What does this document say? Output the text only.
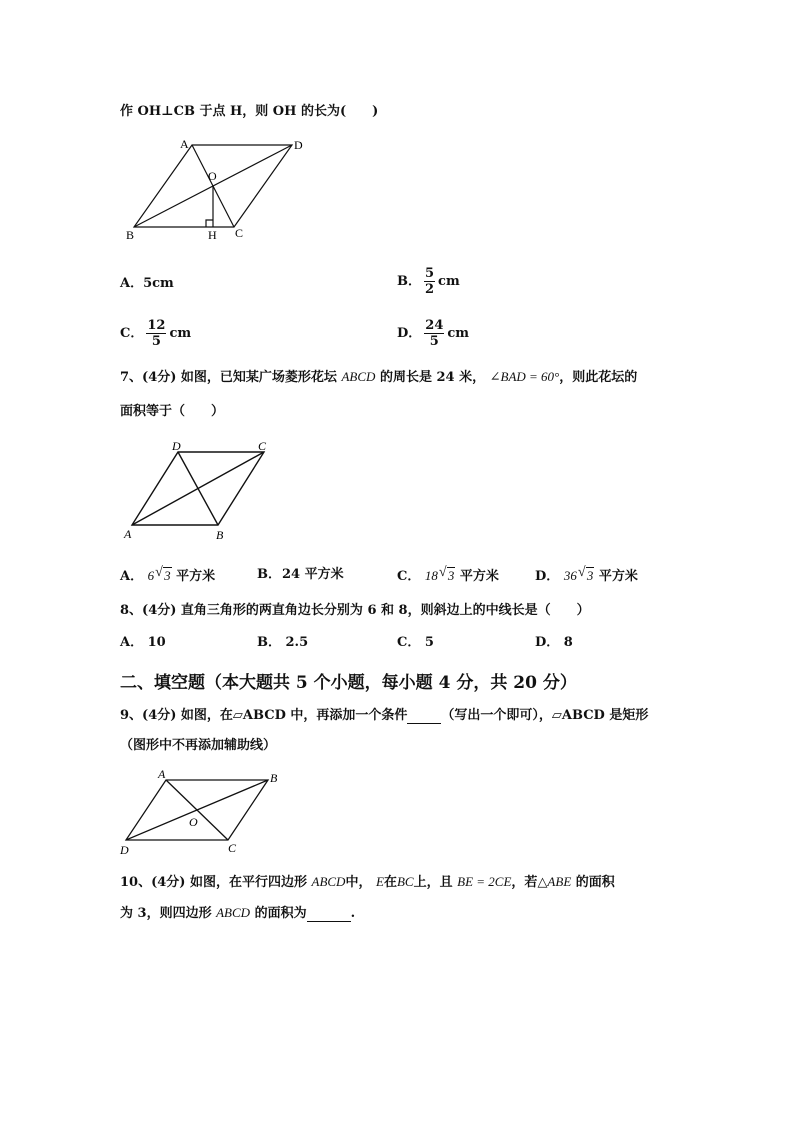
作 OH⊥CB 于点 H，则 OH 的长为(　　)
A	D
O
B	H C
A．5cm	B． $\frac{5}{2}$ cm
C． $\frac{12}{5}$ cm	D． $\frac{24}{5}$ cm
7、(4分) 如图，已知某广场菱形花坛 ABCD 的周长是 24 米， ∠BAD = 60°，则此花坛的
面积等于（　　）
D	C
A	B
A． 6 √ 3 平方米	B． 24 平方米	C． 18 √ 3 平方米	D． 36 √ 3 平方米
8、(4分) 直角三角形的两直角边长分别为 6 和 8，则斜边上的中线长是（　　）
A． 10	B． 2.5	C． 5	D． 8
二、填空题（本大题共 5 个小题，每小题 4 分，共 20 分）
9、(4分) 如图，在▱ABCD 中，再添加一个条件	（写出一个即可），▱ABCD 是矩形
（图形中不再添加辅助线）
A	B
O
D	C
10、(4分) 如图，在平行四边形 ABCD中， E在BC上，且 BE = 2CE，若△ABE 的面积
为 3，则四边形 ABCD 的面积为	.
